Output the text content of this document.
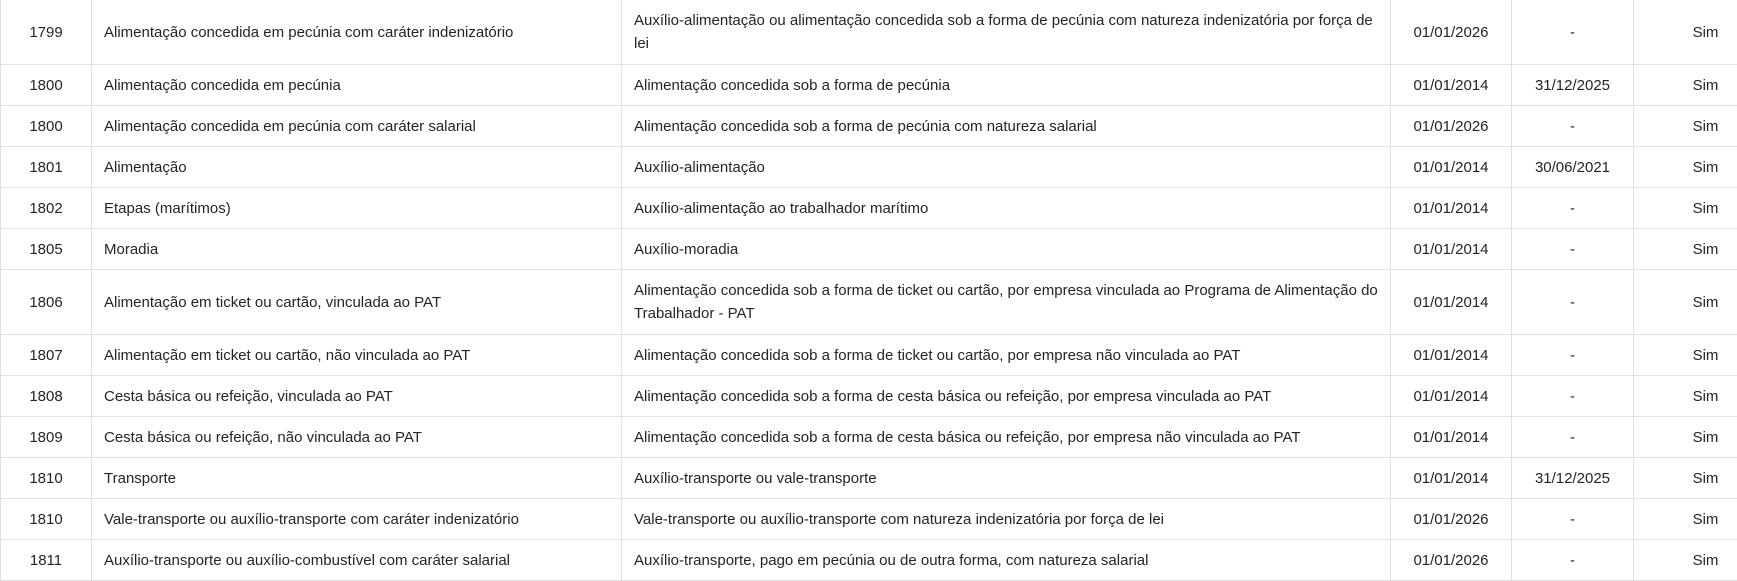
1799	Alimentação concedida em pecúnia com caráter indenizatório	Auxílio-alimentação ou alimentação concedida sob a forma de pecúnia com natureza indenizatória por força de lei	01/01/2026	-	Sim
1800	Alimentação concedida em pecúnia	Alimentação concedida sob a forma de pecúnia	01/01/2014	31/12/2025	Sim
1800	Alimentação concedida em pecúnia com caráter salarial	Alimentação concedida sob a forma de pecúnia com natureza salarial	01/01/2026	-	Sim
1801	Alimentação	Auxílio-alimentação	01/01/2014	30/06/2021	Sim
1802	Etapas (marítimos)	Auxílio-alimentação ao trabalhador marítimo	01/01/2014	-	Sim
1805	Moradia	Auxílio-moradia	01/01/2014	-	Sim
1806	Alimentação em ticket ou cartão, vinculada ao PAT	Alimentação concedida sob a forma de ticket ou cartão, por empresa vinculada ao Programa de Alimentação do Trabalhador - PAT	01/01/2014	-	Sim
1807	Alimentação em ticket ou cartão, não vinculada ao PAT	Alimentação concedida sob a forma de ticket ou cartão, por empresa não vinculada ao PAT	01/01/2014	-	Sim
1808	Cesta básica ou refeição, vinculada ao PAT	Alimentação concedida sob a forma de cesta básica ou refeição, por empresa vinculada ao PAT	01/01/2014	-	Sim
1809	Cesta básica ou refeição, não vinculada ao PAT	Alimentação concedida sob a forma de cesta básica ou refeição, por empresa não vinculada ao PAT	01/01/2014	-	Sim
1810	Transporte	Auxílio-transporte ou vale-transporte	01/01/2014	31/12/2025	Sim
1810	Vale-transporte ou auxílio-transporte com caráter indenizatório	Vale-transporte ou auxílio-transporte com natureza indenizatória por força de lei	01/01/2026	-	Sim
1811	Auxílio-transporte ou auxílio-combustível com caráter salarial	Auxílio-transporte, pago em pecúnia ou de outra forma, com natureza salarial	01/01/2026	-	Sim
